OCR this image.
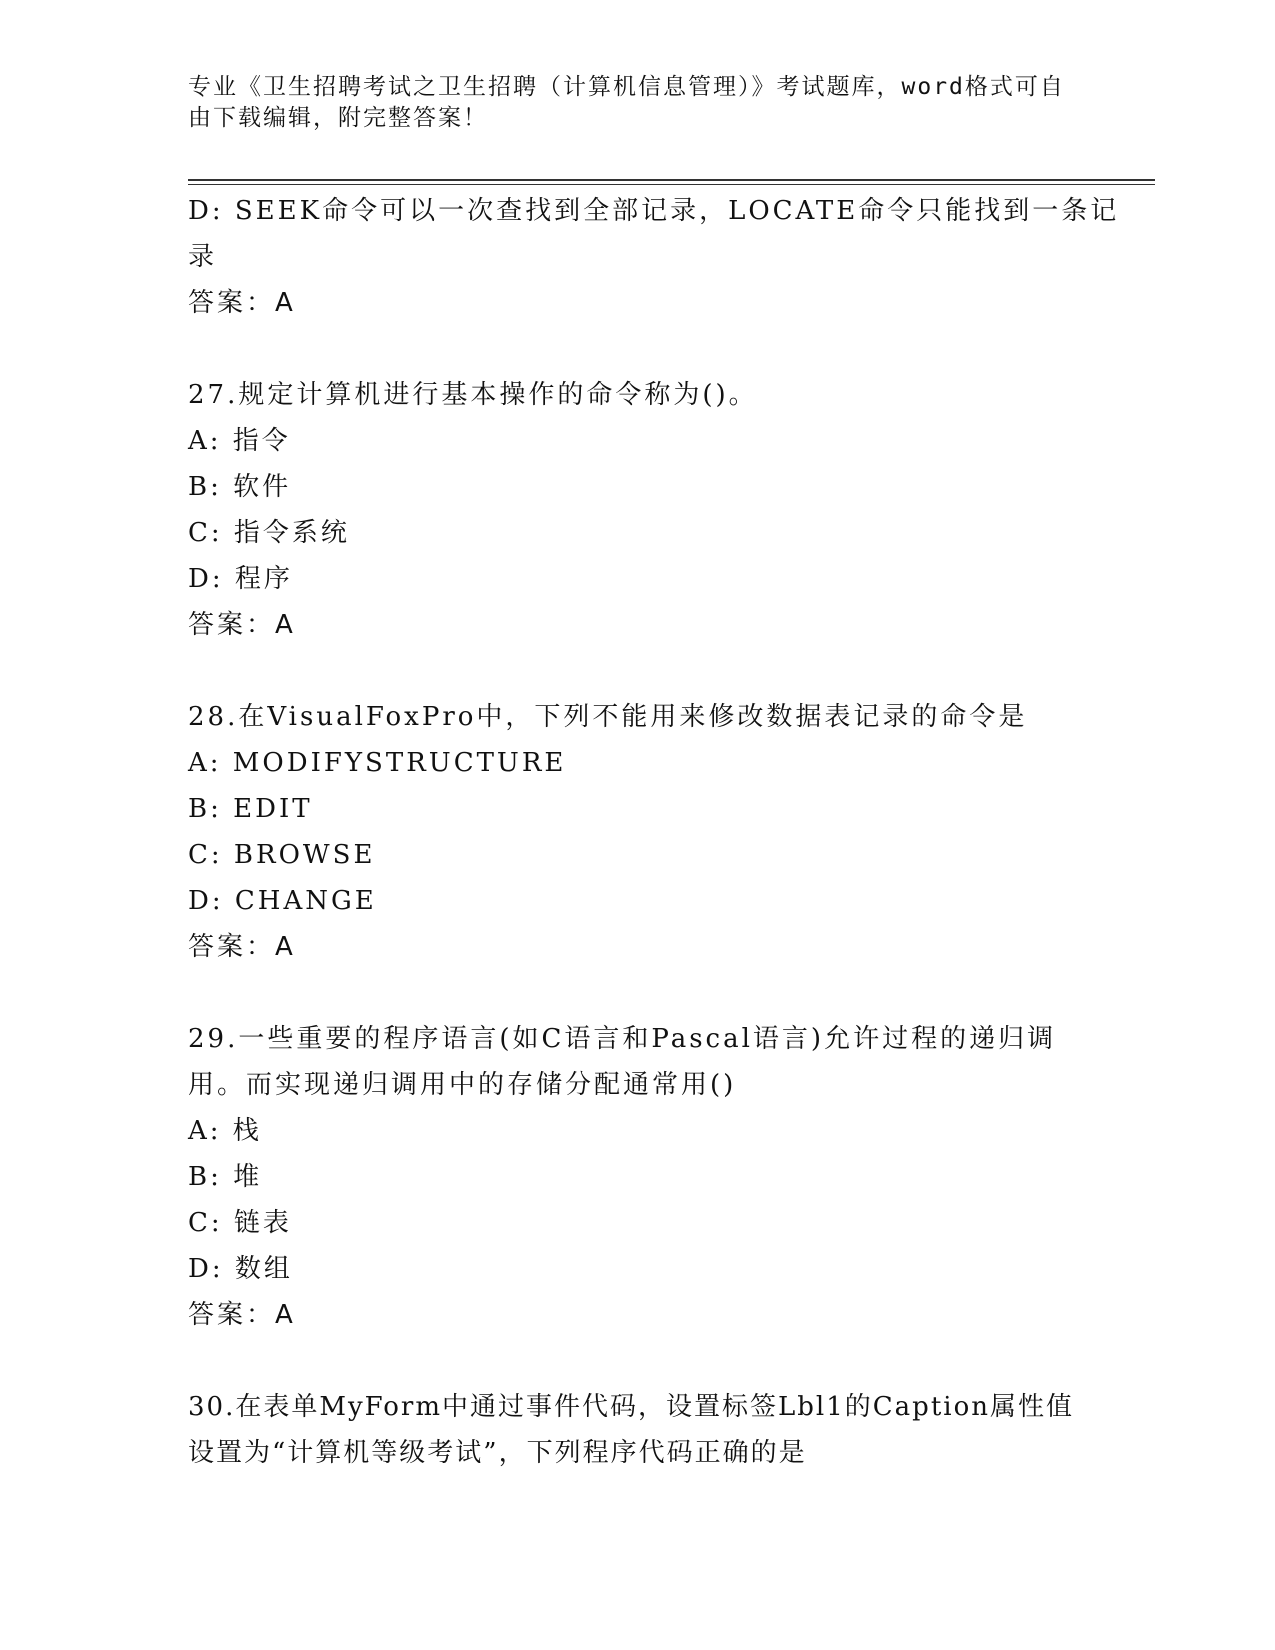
专业《卫生招聘考试之卫生招聘（计算机信息管理）》考试题库，word格式可自
由下载编辑，附完整答案！
D: SEEK命令可以一次查找到全部记录，LOCATE命令只能找到一条记
录
答案：A
27.规定计算机进行基本操作的命令称为()。
A: 指令
B: 软件
C: 指令系统
D: 程序
答案：A
28.在VisualFoxPro中，下列不能用来修改数据表记录的命令是
A: MODIFYSTRUCTURE
B: EDIT
C: BROWSE
D: CHANGE
答案：A
29.一些重要的程序语言(如C语言和Pascal语言)允许过程的递归调
用。而实现递归调用中的存储分配通常用()
A: 栈
B: 堆
C: 链表
D: 数组
答案：A
30.在表单MyForm中通过事件代码，设置标签Lbl1的Caption属性值
设置为“计算机等级考试”，下列程序代码正确的是
